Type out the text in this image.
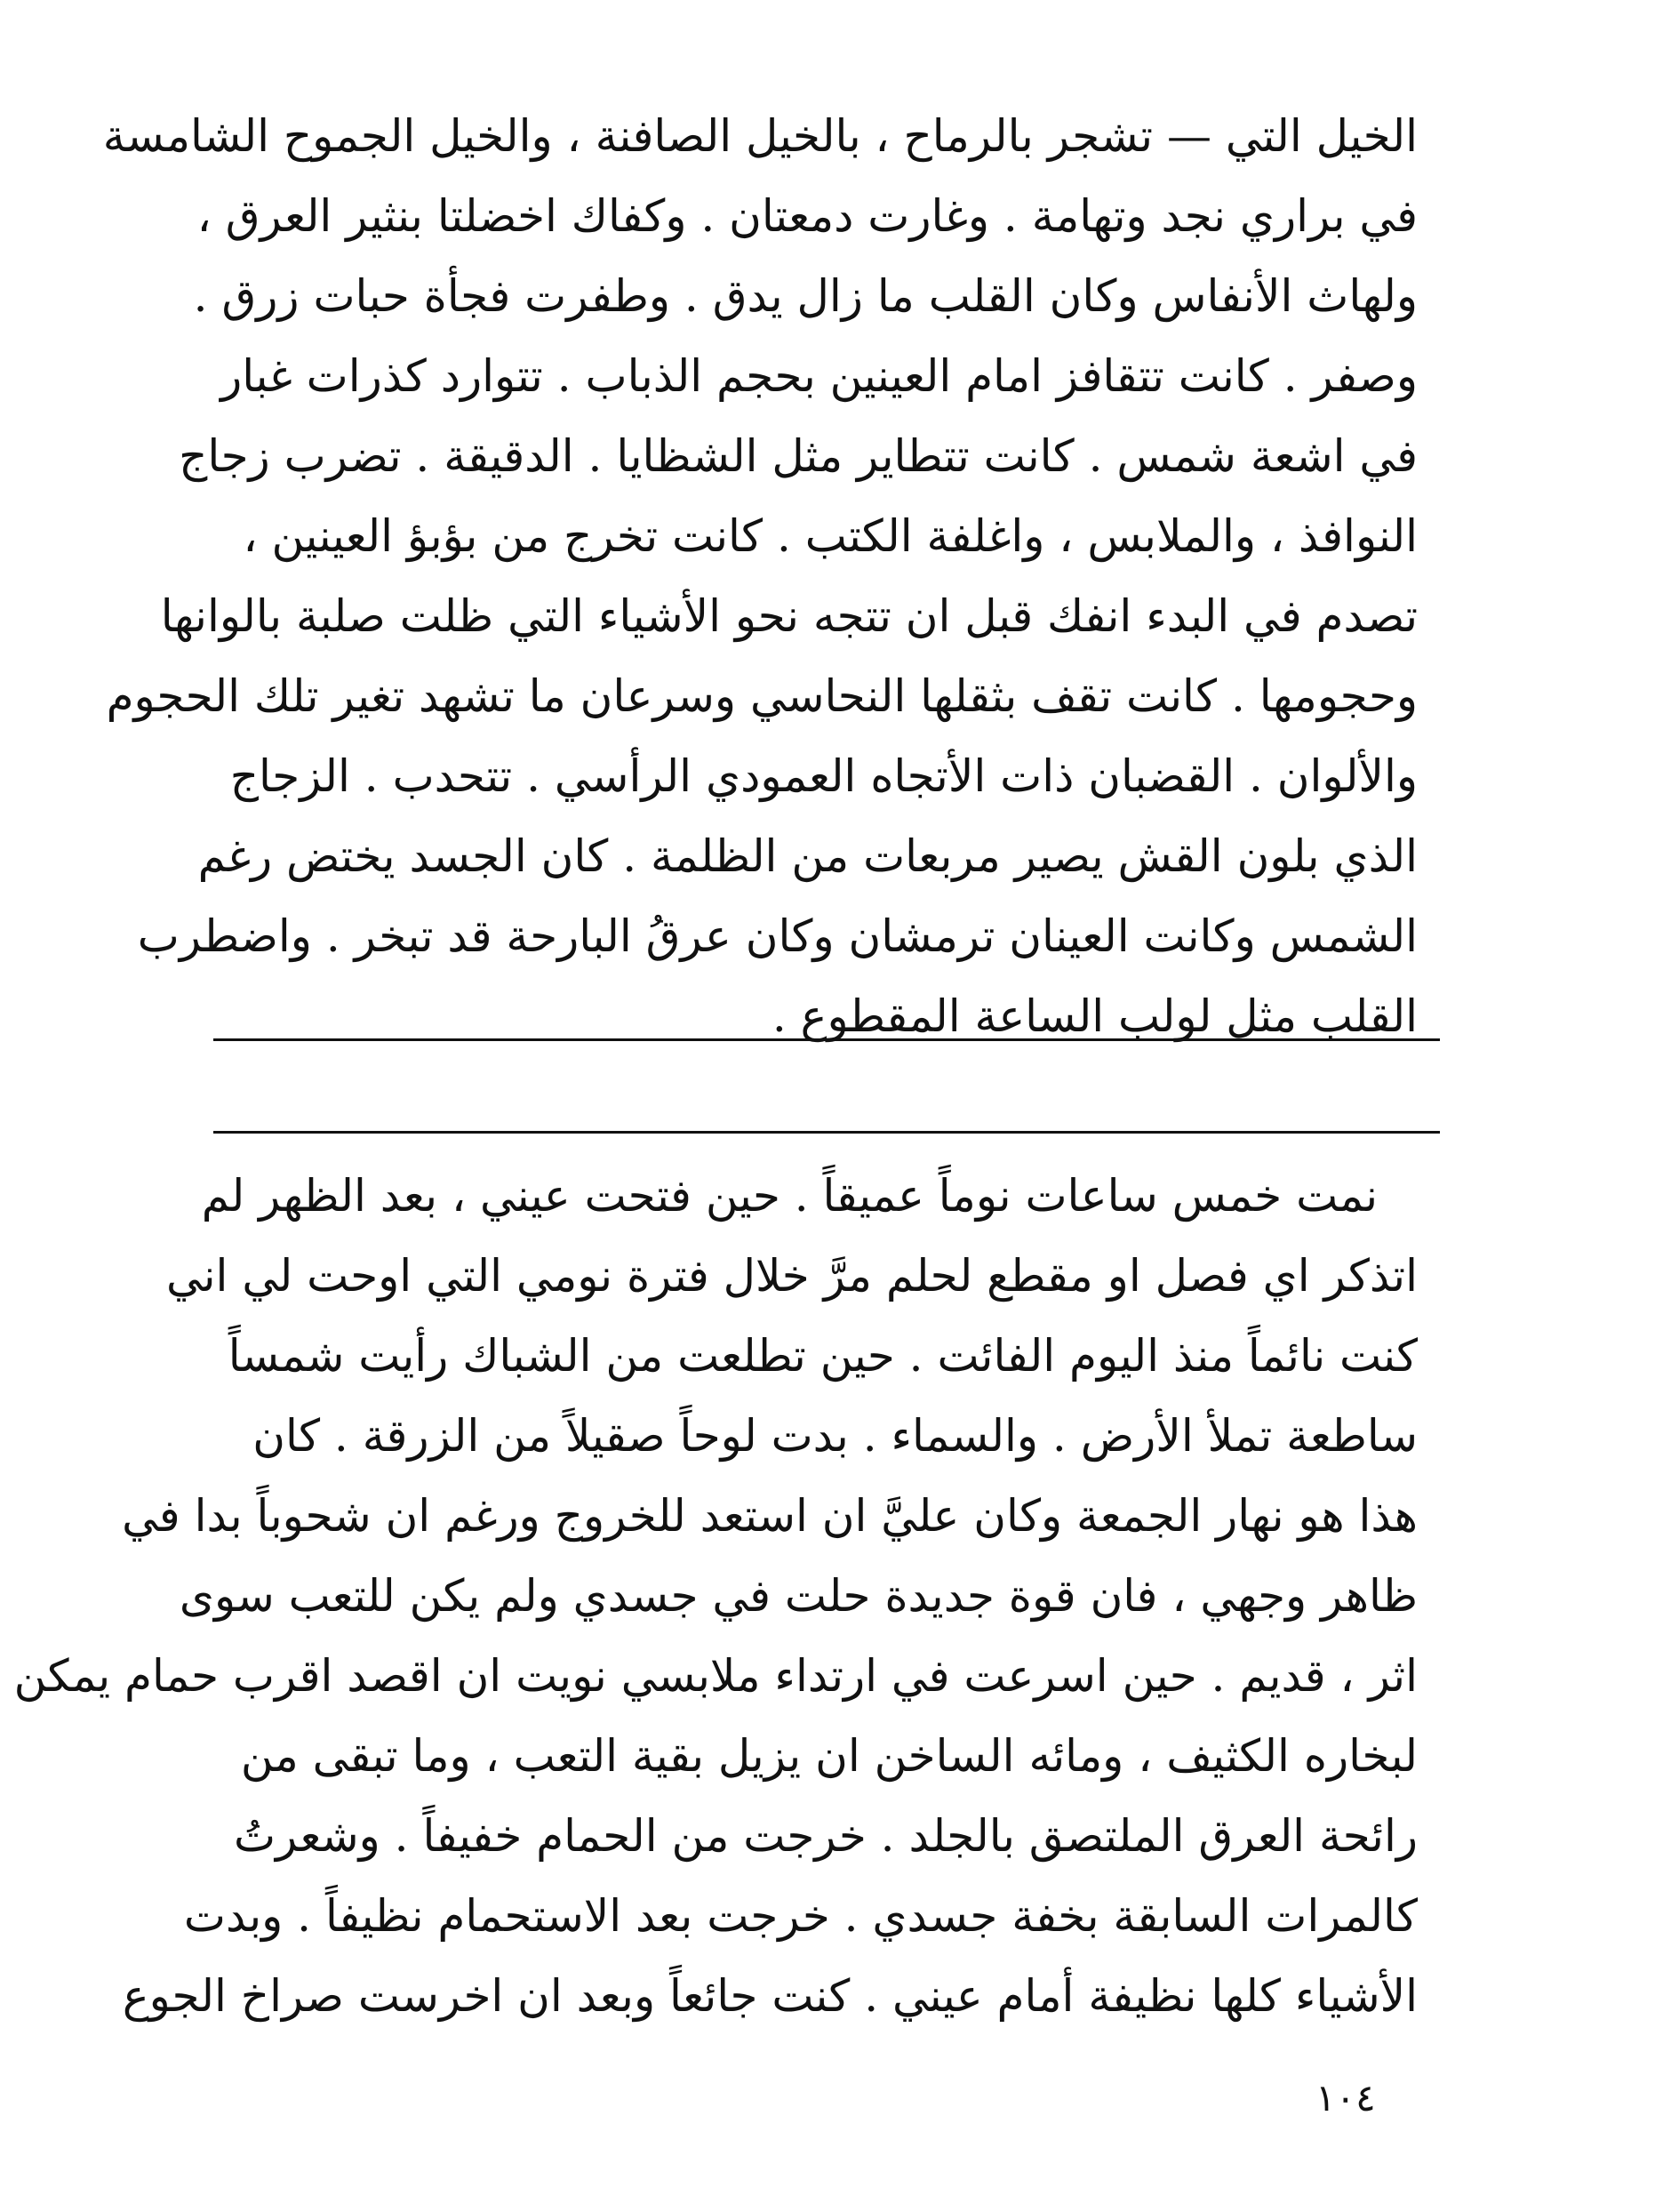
الخيل التي — تشجر بالرماح ، بالخيل الصافنة ، والخيل الجموح الشامسة
في براري نجد وتهامة . وغارت دمعتان . وكفاك اخضلتا بنثير العرق ،
ولهاث الأنفاس وكان القلب ما زال يدق . وطفرت فجأة حبات زرق .
وصفر . كانت تتقافز امام العينين بحجم الذباب . تتوارد كذرات غبار
في اشعة شمس . كانت تتطاير مثل الشظايا . الدقيقة . تضرب زجاج
النوافذ ، والملابس ، واغلفة الكتب . كانت تخرج من بؤبؤ العينين ،
تصدم في البدء انفك قبل ان تتجه نحو الأشياء التي ظلت صلبة بالوانها
وحجومها . كانت تقف بثقلها النحاسي وسرعان ما تشهد تغير تلك الحجوم
والألوان . القضبان ذات الأتجاه العمودي الرأسي . تتحدب . الزجاج
الذي بلون القش يصير مربعات من الظلمة . كان الجسد يختض رغم
الشمس وكانت العينان ترمشان وكان عرقُ البارحة قد تبخر . واضطرب
القلب مثل لولب الساعة المقطوع .
نمت خمس ساعات نوماً عميقاً . حين فتحت عيني ، بعد الظهر لم
اتذكر اي فصل او مقطع لحلم مرَّ خلال فترة نومي التي اوحت لي اني
كنت نائماً منذ اليوم الفائت . حين تطلعت من الشباك رأيت شمساً
ساطعة تملأ الأرض . والسماء . بدت لوحاً صقيلاً من الزرقة . كان
هذا هو نهار الجمعة وكان عليَّ ان استعد للخروج ورغم ان شحوباً بدا في
ظاهر وجهي ، فان قوة جديدة حلت في جسدي ولم يكن للتعب سوى
اثر ، قديم . حين اسرعت في ارتداء ملابسي نويت ان اقصد اقرب حمام يمكن
لبخاره الكثيف ، ومائه الساخن ان يزيل بقية التعب ، وما تبقى من
رائحة العرق الملتصق بالجلد . خرجت من الحمام خفيفاً . وشعرتُ
كالمرات السابقة بخفة جسدي . خرجت بعد الاستحمام نظيفاً . وبدت
الأشياء كلها نظيفة أمام عيني . كنت جائعاً وبعد ان اخرست صراخ الجوع
١٠٤
